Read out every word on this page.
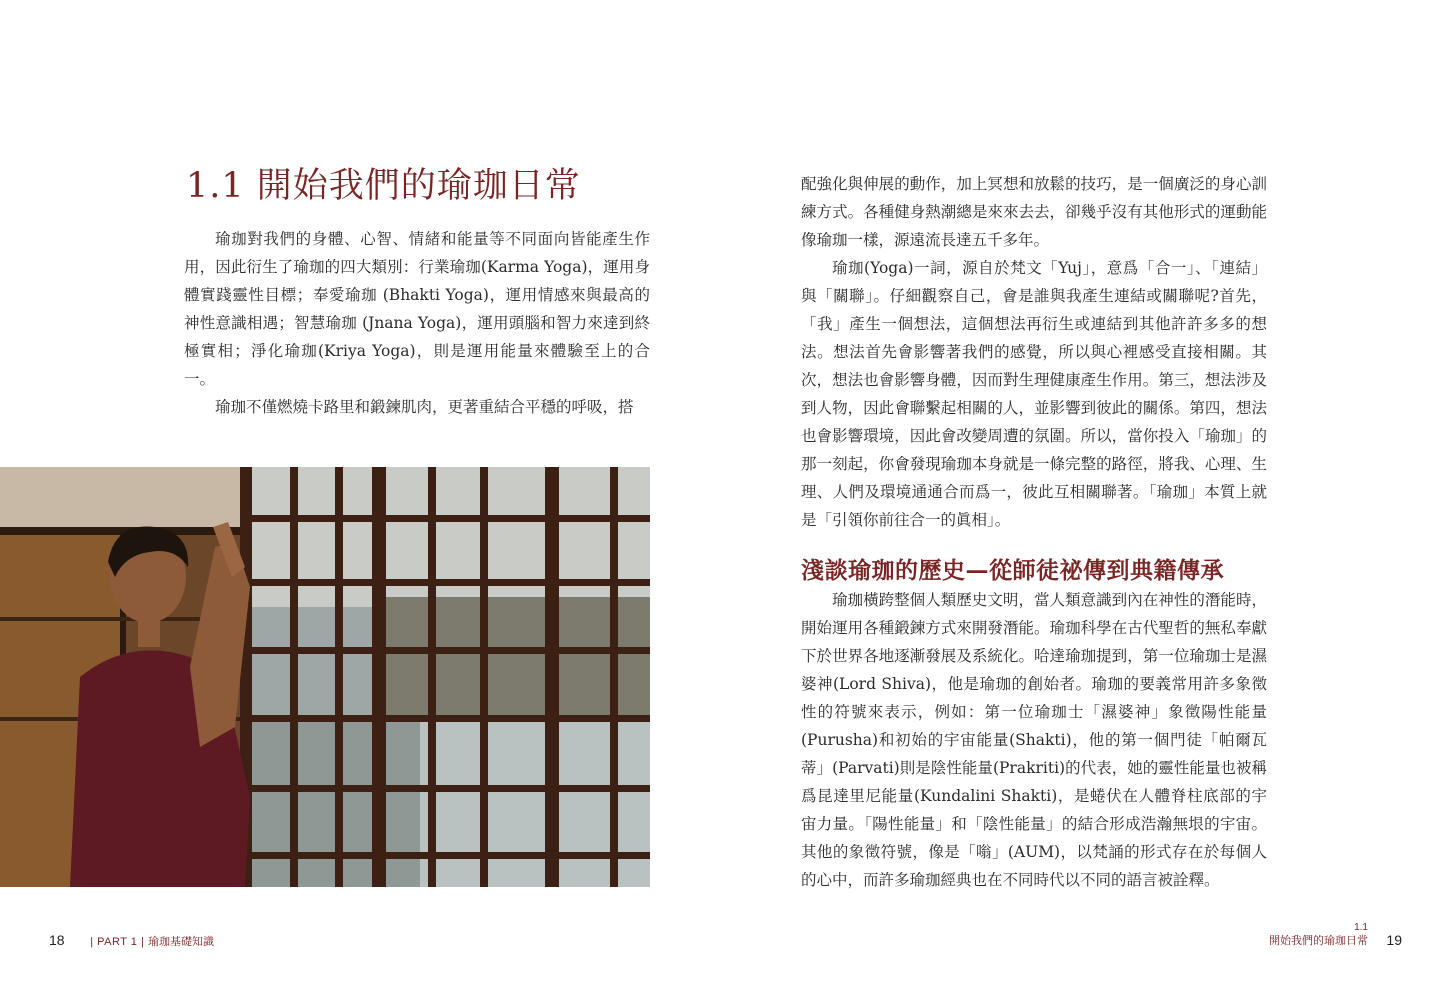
1.1 開始我們的瑜珈日常

瑜珈對我們的身體、心智、情緒和能量等不同面向皆能產生作用，因此衍生了瑜珈的四大類別：行業瑜珈(Karma Yoga)，運用身體實踐靈性目標；奉愛瑜珈 (Bhakti Yoga)，運用情感來與最高的神性意識相遇；智慧瑜珈 (Jnana Yoga)，運用頭腦和智力來達到終極實相；淨化瑜珈(Kriya Yoga)，則是運用能量來體驗至上的合一。

瑜珈不僅燃燒卡路里和鍛鍊肌肉，更著重結合平穩的呼吸，搭

18 | PART 1 | 瑜珈基礎知識

配強化與伸展的動作，加上冥想和放鬆的技巧，是一個廣泛的身心訓練方式。各種健身熱潮總是來來去去，卻幾乎沒有其他形式的運動能像瑜珈一樣，源遠流長達五千多年。

瑜珈(Yoga)一詞，源自於梵文「Yuj」，意爲「合一」、「連結」與「關聯」。仔細觀察自己，會是誰與我產生連結或關聯呢?首先，「我」產生一個想法，這個想法再衍生或連結到其他許許多多的想法。想法首先會影響著我們的感覺，所以與心裡感受直接相關。其次，想法也會影響身體，因而對生理健康產生作用。第三，想法涉及到人物，因此會聯繫起相關的人，並影響到彼此的關係。第四，想法也會影響環境，因此會改變周遭的氛圍。所以，當你投入「瑜珈」的那一刻起，你會發現瑜珈本身就是一條完整的路徑，將我、心理、生理、人們及環境通通合而爲一，彼此互相關聯著。「瑜珈」本質上就是「引領你前往合一的眞相」。

淺談瑜珈的歷史—從師徒祕傳到典籍傳承

瑜珈橫跨整個人類歷史文明，當人類意識到內在神性的潛能時，開始運用各種鍛鍊方式來開發潛能。瑜珈科學在古代聖哲的無私奉獻下於世界各地逐漸發展及系統化。哈達瑜珈提到，第一位瑜珈士是濕婆神(Lord Shiva)，他是瑜珈的創始者。瑜珈的要義常用許多象徵性的符號來表示，例如：第一位瑜珈士「濕婆神」象徵陽性能量(Purusha)和初始的宇宙能量(Shakti)，他的第一個門徒「帕爾瓦蒂」(Parvati)則是陰性能量(Prakriti)的代表，她的靈性能量也被稱爲昆達里尼能量(Kundalini Shakti)，是蜷伏在人體脊柱底部的宇宙力量。「陽性能量」和「陰性能量」的結合形成浩瀚無垠的宇宙。其他的象徵符號，像是「嗡」(AUM)，以梵誦的形式存在於每個人的心中，而許多瑜珈經典也在不同時代以不同的語言被詮釋。

1.1
開始我們的瑜珈日常 19
